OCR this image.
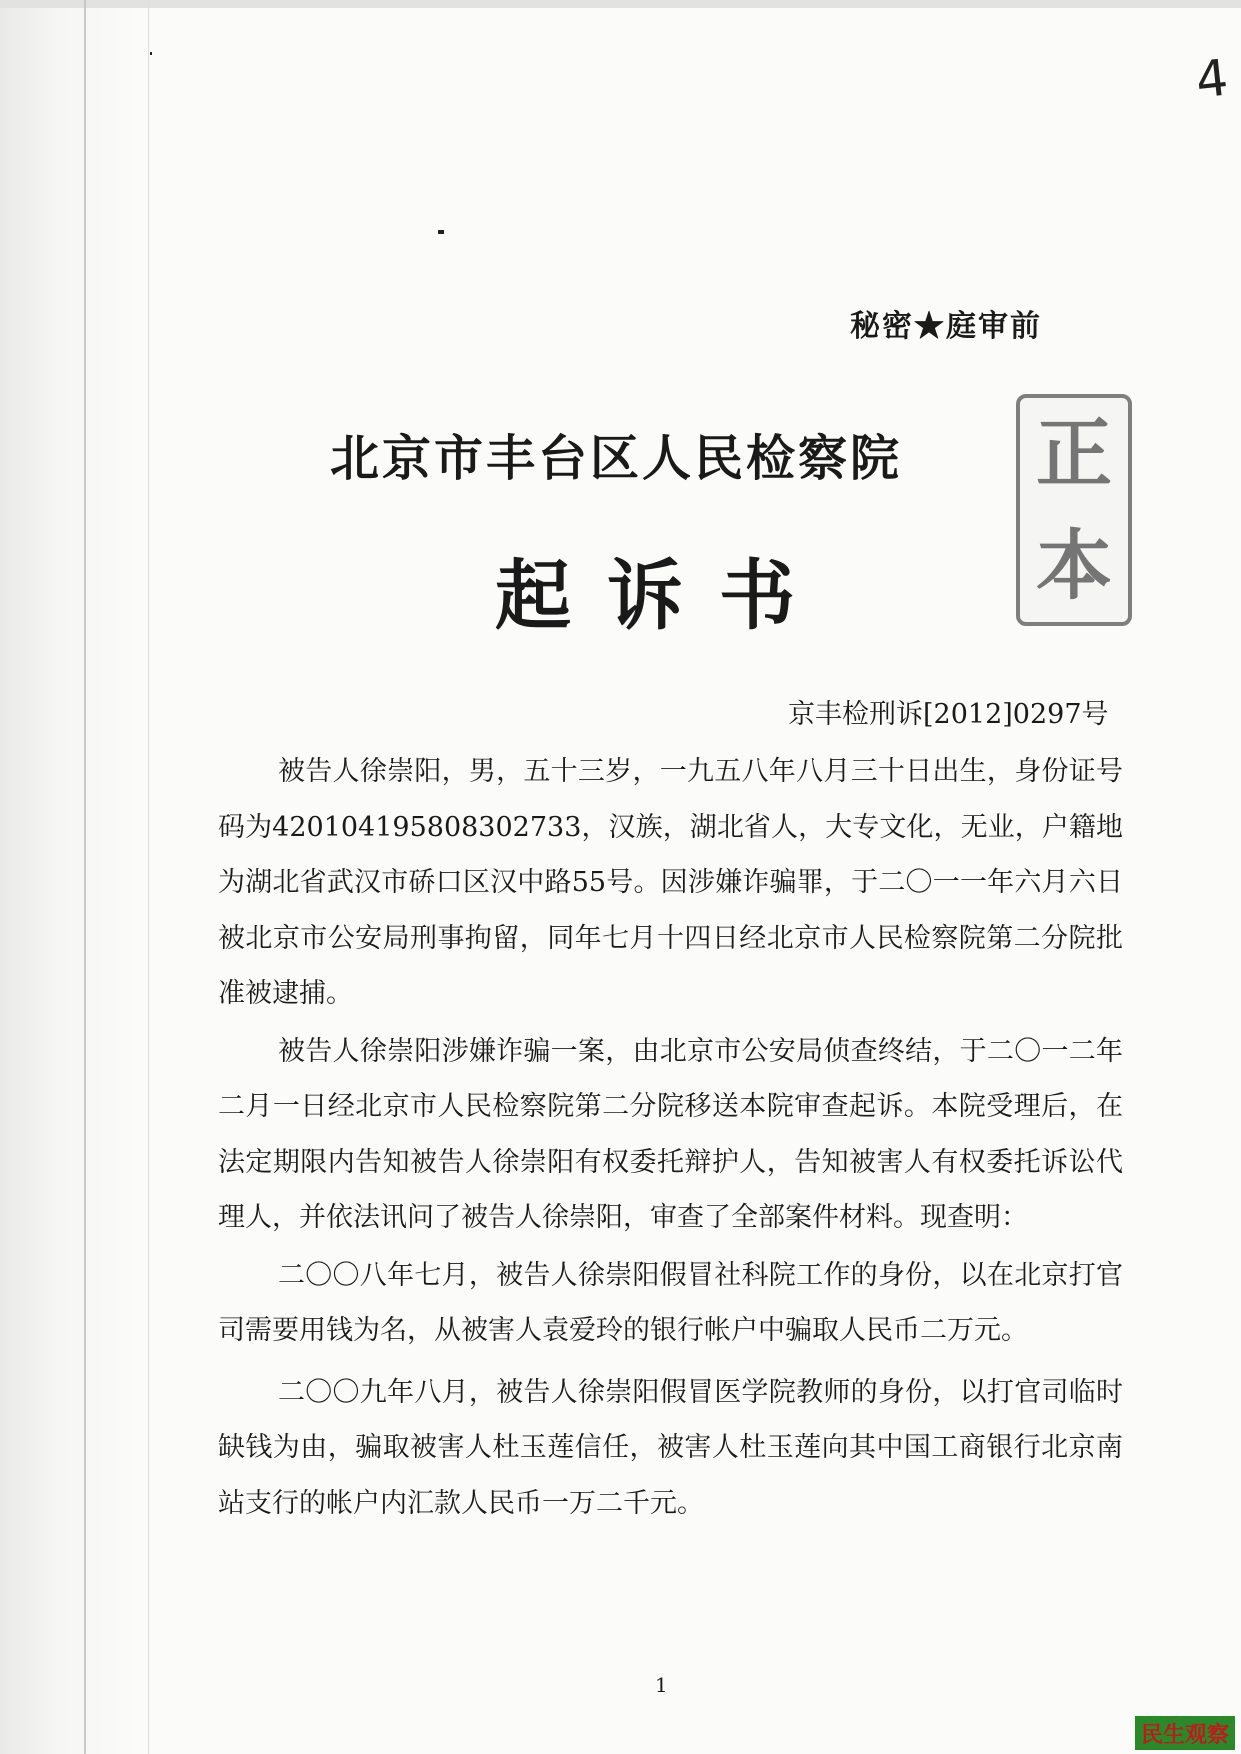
4
秘密★庭审前
北京市丰台区人民检察院 正
本
起诉书
京丰检刑诉[2012]0297号

被告人徐崇阳，男，五十三岁，一九五八年八月三十日出生，身份证号码为420104195808302733，汉族，湖北省人，大专文化，无业，户籍地为湖北省武汉市硚口区汉中路55号。因涉嫌诈骗罪，于二〇一一年六月六日被北京市公安局刑事拘留，同年七月十四日经北京市人民检察院第二分院批准被逮捕。

被告人徐崇阳涉嫌诈骗一案，由北京市公安局侦查终结，于二〇一二年二月一日经北京市人民检察院第二分院移送本院审查起诉。本院受理后，在法定期限内告知被告人徐崇阳有权委托辩护人，告知被害人有权委托诉讼代理人，并依法讯问了被告人徐崇阳，审查了全部案件材料。现查明：

二〇〇八年七月，被告人徐崇阳假冒社科院工作的身份，以在北京打官司需要用钱为名，从被害人袁爱玲的银行帐户中骗取人民币二万元。

二〇〇九年八月，被告人徐崇阳假冒医学院教师的身份，以打官司临时缺钱为由，骗取被害人杜玉莲信任，被害人杜玉莲向其中国工商银行北京南站支行的帐户内汇款人民币一万二千元。

1
民生观察
